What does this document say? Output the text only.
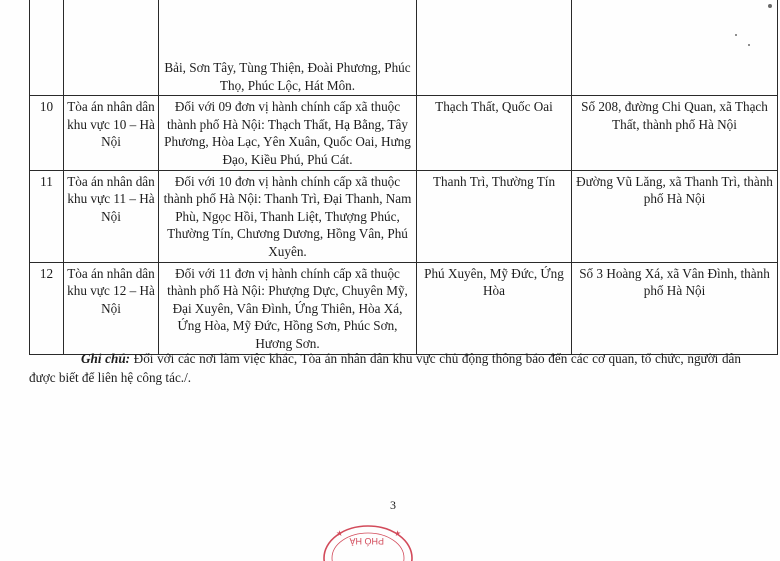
		Bải, Sơn Tây, Tùng Thiện, Đoài Phương, Phúc Thọ, Phúc Lộc, Hát Môn.		
10	Tòa án nhân dân khu vực 10 – Hà Nội	Đối với 09 đơn vị hành chính cấp xã thuộc thành phố Hà Nội: Thạch Thất, Hạ Bằng, Tây Phương, Hòa Lạc, Yên Xuân, Quốc Oai, Hưng Đạo, Kiều Phú, Phú Cát.	Thạch Thất, Quốc Oai	Số 208, đường Chi Quan, xã Thạch Thất, thành phố Hà Nội
11	Tòa án nhân dân khu vực 11 – Hà Nội	Đối với 10 đơn vị hành chính cấp xã thuộc thành phố Hà Nội: Thanh Trì, Đại Thanh, Nam Phù, Ngọc Hồi, Thanh Liệt, Thượng Phúc, Thường Tín, Chương Dương, Hồng Vân, Phú Xuyên.	Thanh Trì, Thường Tín	Đường Vũ Lăng, xã Thanh Trì, thành phố Hà Nội
12	Tòa án nhân dân khu vực 12 – Hà Nội	Đối với 11 đơn vị hành chính cấp xã thuộc thành phố Hà Nội: Phượng Dực, Chuyên Mỹ, Đại Xuyên, Vân Đình, Ứng Thiên, Hòa Xá, Ứng Hòa, Mỹ Đức, Hồng Sơn, Phúc Sơn, Hương Sơn.	Phú Xuyên, Mỹ Đức, Ứng Hòa	Số 3 Hoàng Xá, xã Vân Đình, thành phố Hà Nội
Ghi chú: Đối với các nơi làm việc khác, Tòa án nhân dân khu vực chủ động thông báo đến các cơ quan, tổ chức, người dân được biết để liên hệ công tác./.
3
PHÓ HÀ
★	★
